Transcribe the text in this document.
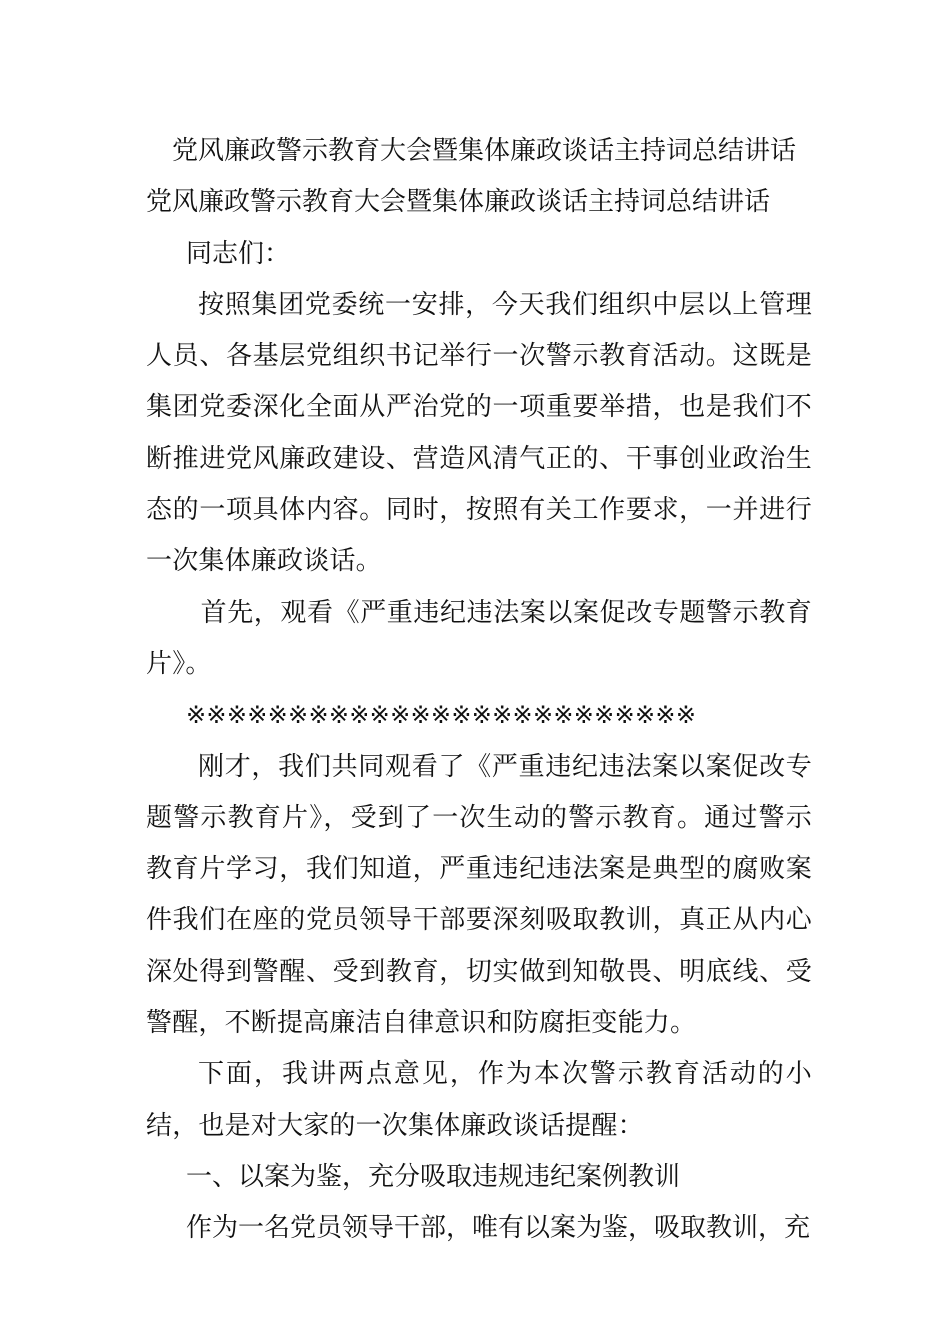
党风廉政警示教育大会暨集体廉政谈话主持词总结讲话
党风廉政警示教育大会暨集体廉政谈话主持词总结讲话
同志们：

按照集团党委统一安排，今天我们组织中层以上管理人员、各基层党组织书记举行一次警示教育活动。这既是集团党委深化全面从严治党的一项重要举措，也是我们不断推进党风廉政建设、营造风清气正的、干事创业政治生态的一项具体内容。同时，按照有关工作要求，一并进行一次集体廉政谈话。

首先，观看《严重违纪违法案以案促改专题警示教育片》。

※※※※※※※※※※※※※※※※※※※※※※※※※

刚才，我们共同观看了《严重违纪违法案以案促改专题警示教育片》，受到了一次生动的警示教育。通过警示教育片学习，我们知道，严重违纪违法案是典型的腐败案件我们在座的党员领导干部要深刻吸取教训，真正从内心深处得到警醒、受到教育，切实做到知敬畏、明底线、受警醒，不断提高廉洁自律意识和防腐拒变能力。

下面，我讲两点意见，作为本次警示教育活动的小结，也是对大家的一次集体廉政谈话提醒：

一、以案为鉴，充分吸取违规违纪案例教训
作为一名党员领导干部，唯有以案为鉴，吸取教训，充
